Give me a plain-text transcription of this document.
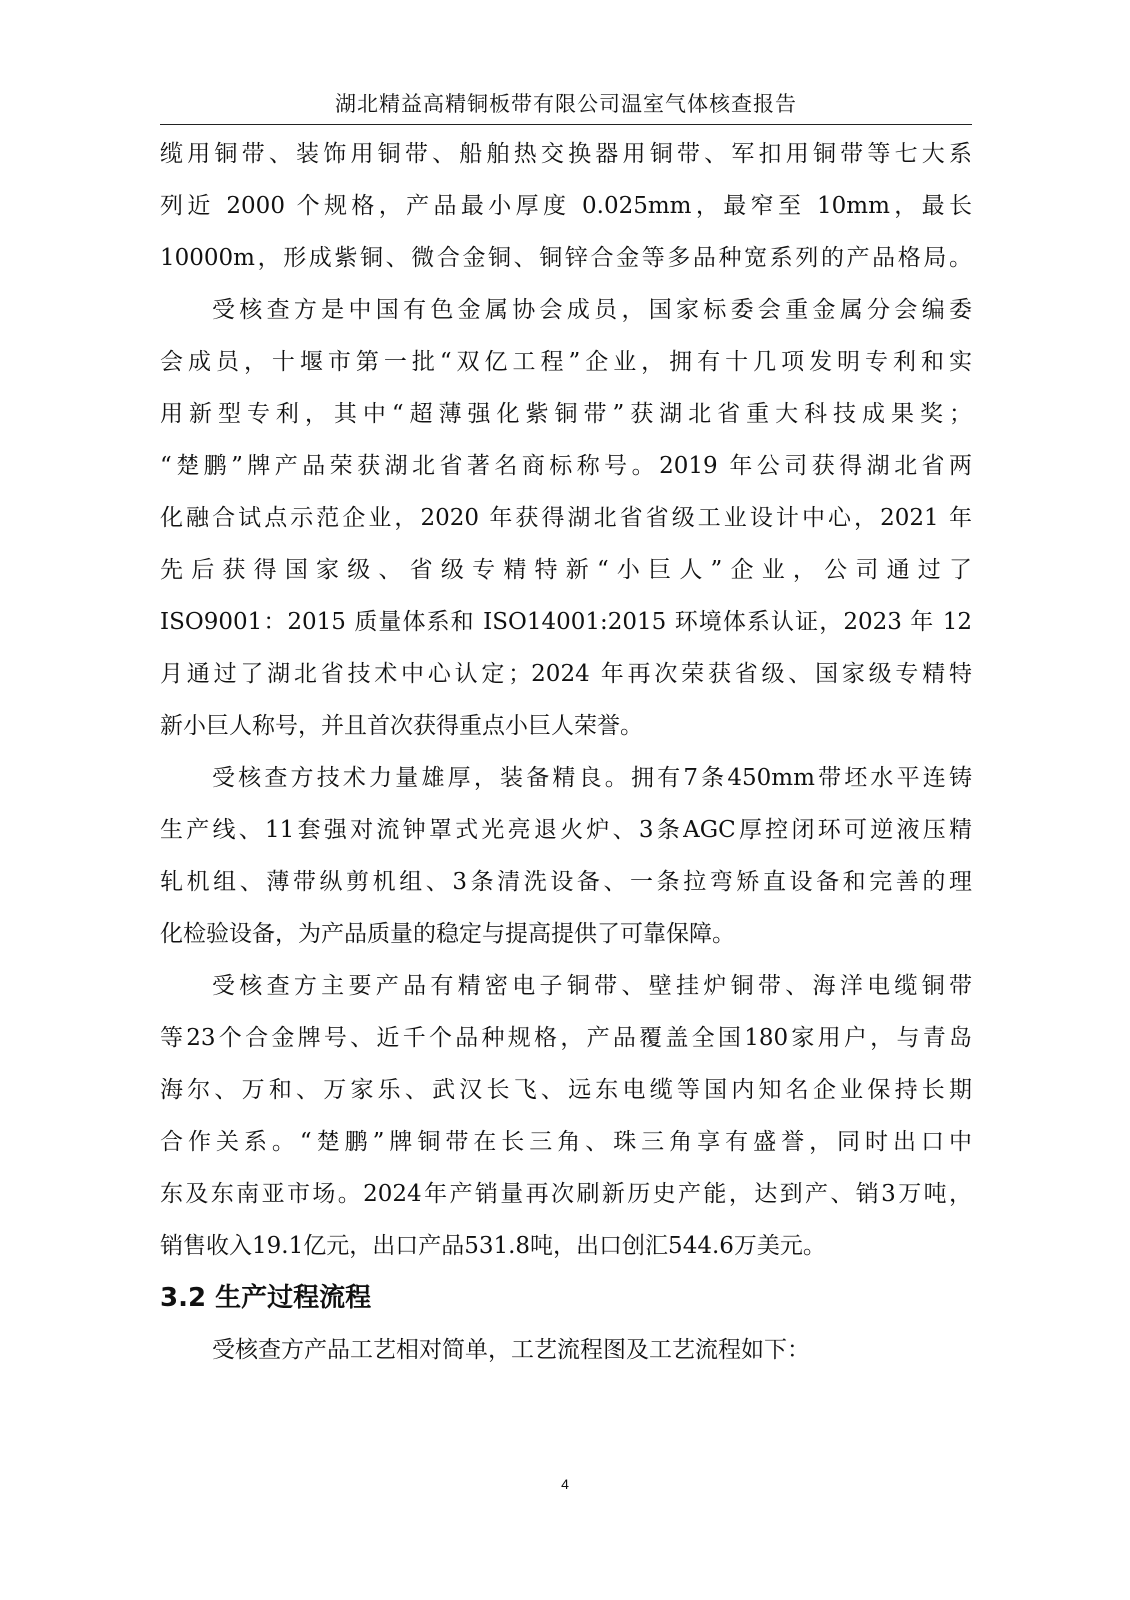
湖北精益高精铜板带有限公司温室气体核查报告
缆用铜带、装饰用铜带、船舶热交换器用铜带、军扣用铜带等七大系
列近 2000 个规格，产品最小厚度 0.025mm，最窄至 10mm，最长
10000m，形成紫铜、微合金铜、铜锌合金等多品种宽系列的产品格局。
受核查方是中国有色金属协会成员，国家标委会重金属分会编委
会成员，十堰市第一批“双亿工程”企业，拥有十几项发明专利和实
用新型专利，其中“超薄强化紫铜带”获湖北省重大科技成果奖；
“楚鹏”牌产品荣获湖北省著名商标称号。2019 年公司获得湖北省两
化融合试点示范企业，2020 年获得湖北省省级工业设计中心，2021 年
先后获得国家级、省级专精特新“小巨人”企业，公司通过了
ISO9001：2015 质量体系和 ISO14001:2015 环境体系认证，2023 年 12
月通过了湖北省技术中心认定；2024 年再次荣获省级、国家级专精特
新小巨人称号，并且首次获得重点小巨人荣誉。
受核查方技术力量雄厚，装备精良。拥有7条450mm带坯水平连铸
生产线、11套强对流钟罩式光亮退火炉、3条AGC厚控闭环可逆液压精
轧机组、薄带纵剪机组、3条清洗设备、一条拉弯矫直设备和完善的理
化检验设备，为产品质量的稳定与提高提供了可靠保障。
受核查方主要产品有精密电子铜带、壁挂炉铜带、海洋电缆铜带
等23个合金牌号、近千个品种规格，产品覆盖全国180家用户，与青岛
海尔、万和、万家乐、武汉长飞、远东电缆等国内知名企业保持长期
合作关系。“楚鹏”牌铜带在长三角、珠三角享有盛誉，同时出口中
东及东南亚市场。2024年产销量再次刷新历史产能，达到产、销3万吨，
销售收入19.1亿元，出口产品531.8吨，出口创汇544.6万美元。
3.2 生产过程流程
受核查方产品工艺相对简单，工艺流程图及工艺流程如下：
4
